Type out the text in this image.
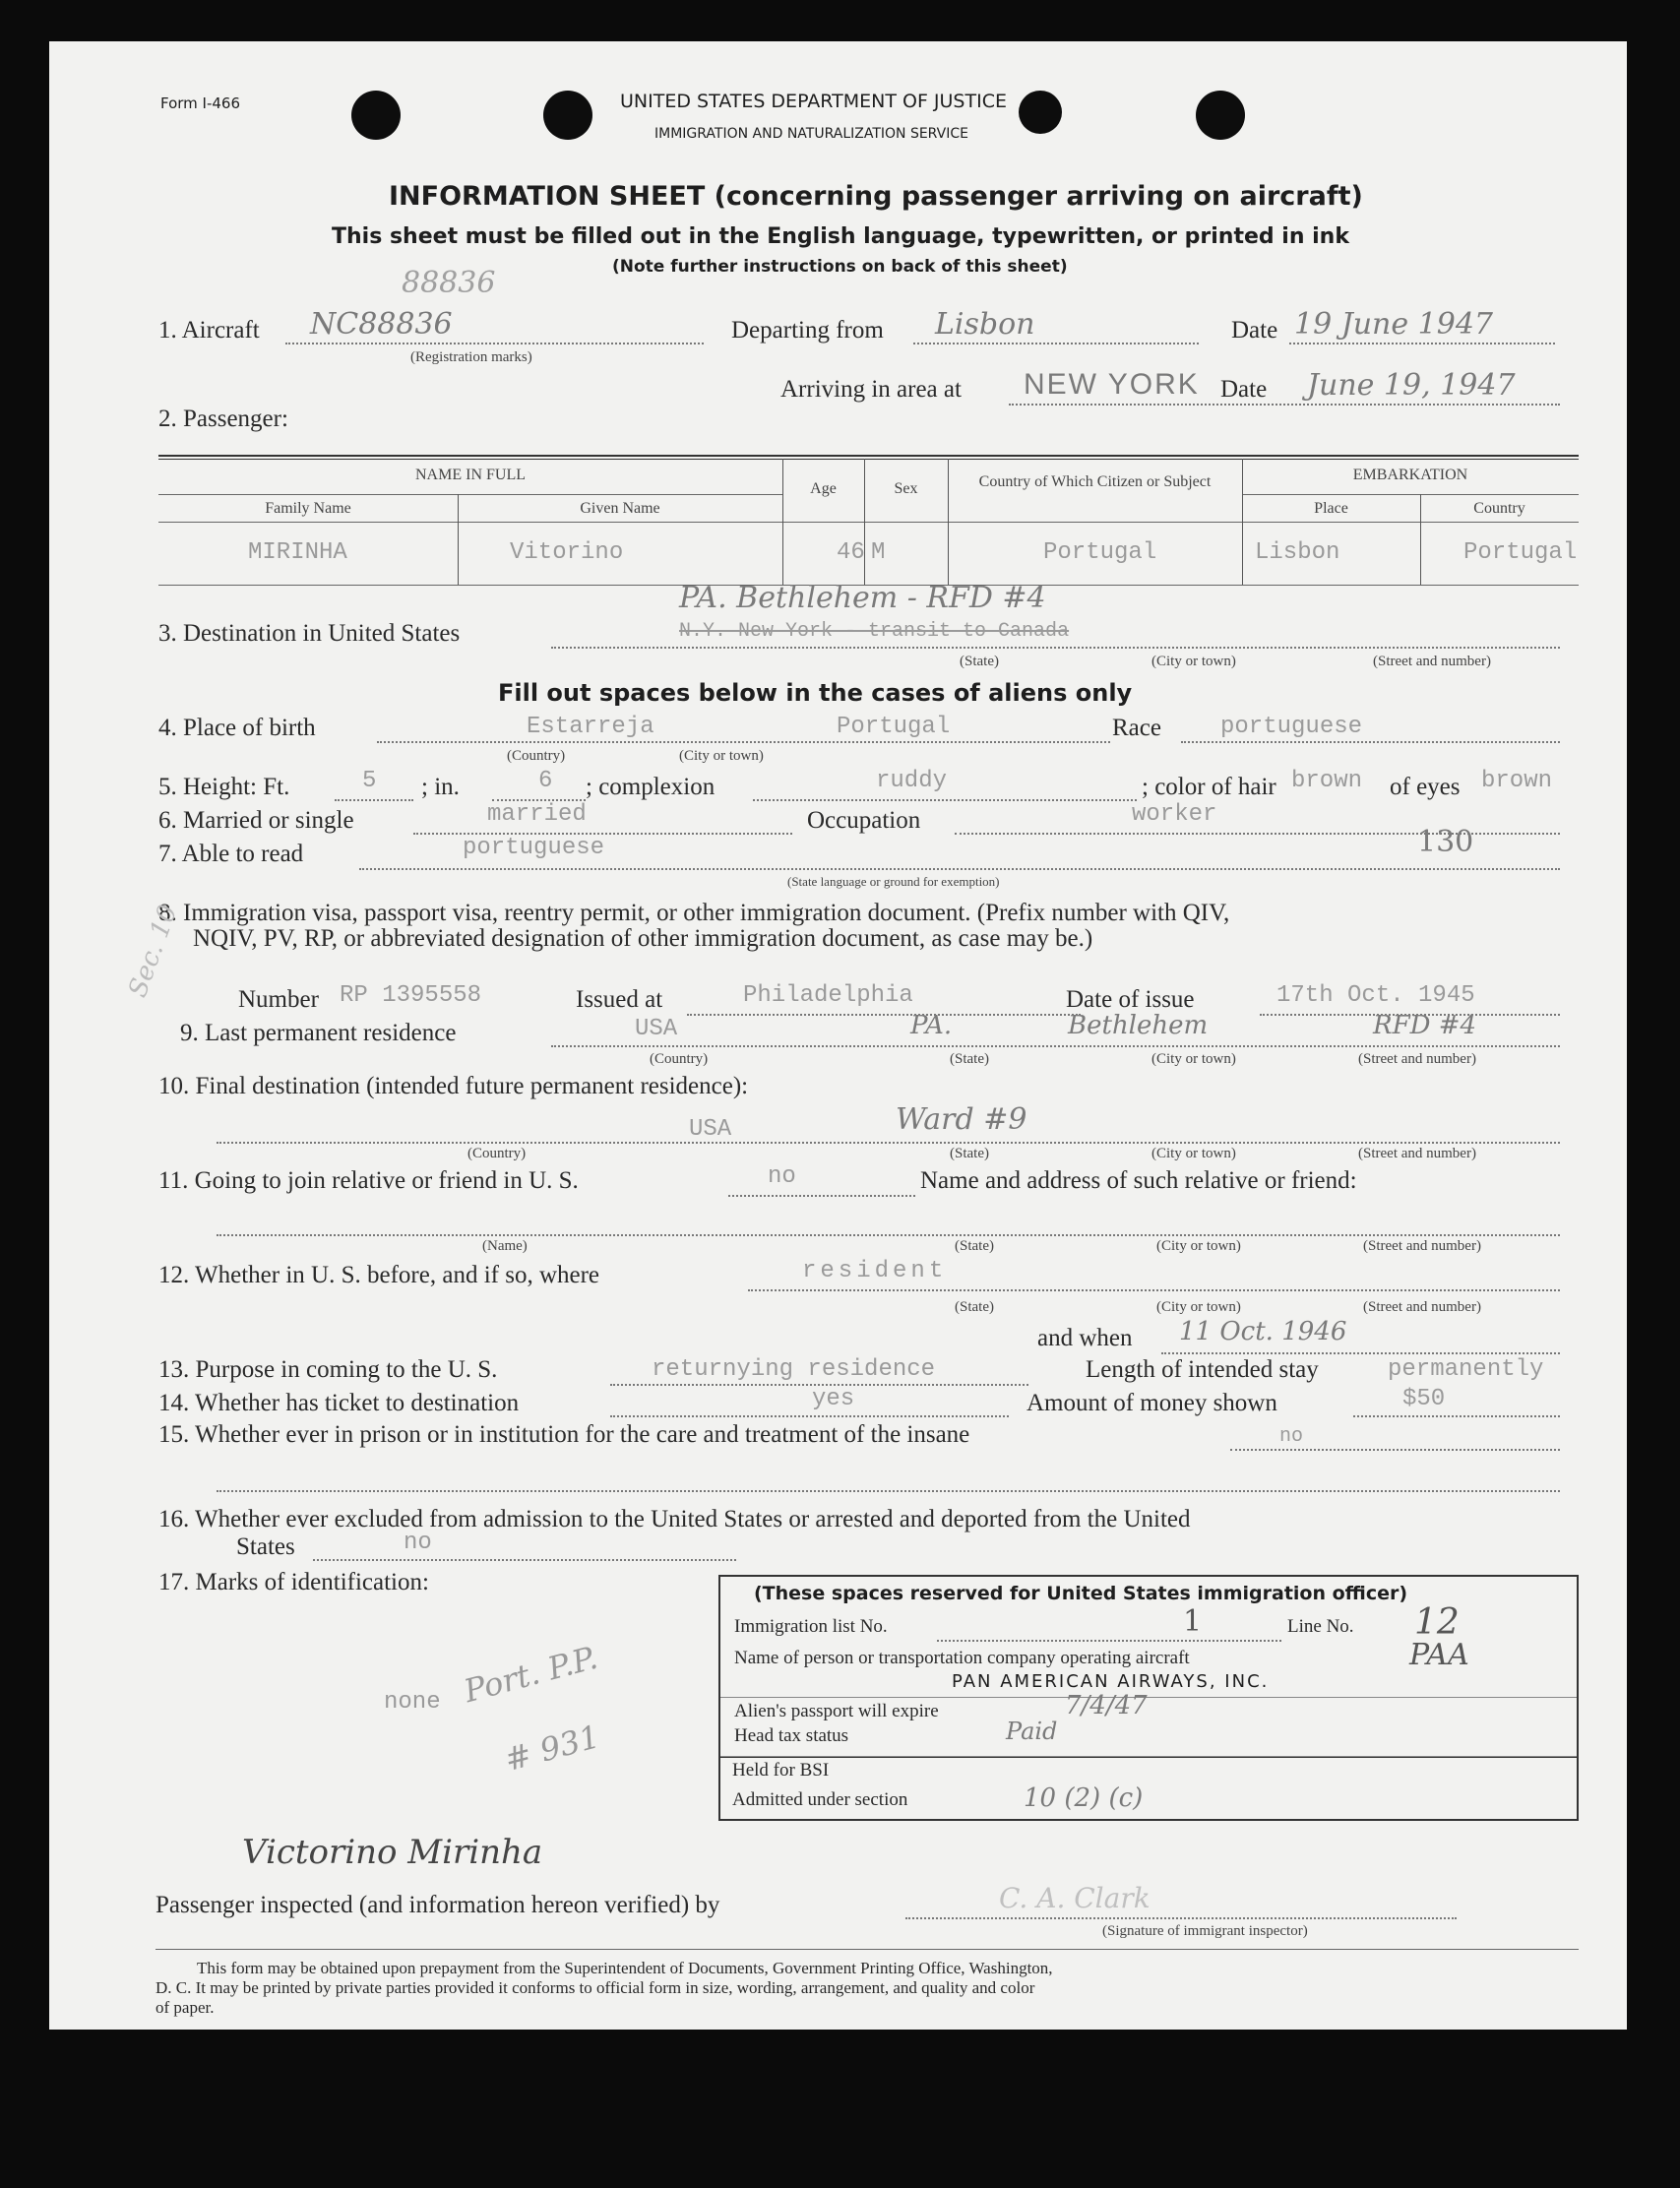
Form I-466	UNITED STATES DEPARTMENT OF JUSTICE
IMMIGRATION AND NATURALIZATION SERVICE
INFORMATION SHEET (concerning passenger arriving on aircraft)
This sheet must be filled out in the English language, typewritten, or printed in ink
(Note further instructions on back of this sheet)
88836
1. Aircraft NC88836
(Registration marks)
Departing from Lisbon	Date 19 June 1947
Arriving in area at NEW YORK Date June 19, 1947
2. Passenger:
NAME IN FULL
Family Name	Given Name
Age	Sex	Country of Which Citizen or Subject	EMBARKATION
Place	Country
MIRINHA	Vitorino	46 M	Portugal	Lisbon	Portugal
PA. Bethlehem - RFD #4
3. Destination in United States	N.Y. New York - transit to Canada
(State)	(City or town)	(Street and number)
Fill out spaces below in the cases of aliens only
4. Place of birth	Estarreja	Portugal
(Country)	(City or town)
Race	portuguese
5. Height: Ft.	5 ; in.	6 ; complexion	ruddy	; color of hair brown of eyes brown
6. Married or single	married	Occupation	worker
7. Able to read	portuguese	130
(State language or ground for exemption)
8. Immigration visa, passport visa, reentry permit, or other immigration document. (Prefix number with QIV,
NQIV, PV, RP, or abbreviated designation of other immigration document, as case may be.)
Sec. 10 Number RP 1395558	Issued at	Philadelphia	Date of issue	17th Oct. 1945
9. Last permanent residence	USA	PA.	Bethlehem	RFD #4
(Country)	(State)	(City or town)	(Street and number)
10. Final destination (intended future permanent residence):
USA	Ward #9
(Country)	(State)	(City or town)	(Street and number)
11. Going to join relative or friend in U. S.	no	Name and address of such relative or friend:
(Name)	(State)	(City or town)	(Street and number)
12. Whether in U. S. before, and if so, where	resident
(State)	(City or town)	(Street and number)
and when 11 Oct. 1946
13. Purpose in coming to the U. S.	returnying residence	Length of intended stay	permanently
14. Whether has ticket to destination	yes	Amount of money shown	$50
15. Whether ever in prison or in institution for the care and treatment of the insane	no
16. Whether ever excluded from admission to the United States or arrested and deported from the United
States	no
17. Marks of identification:
none Port. P.P.
# 931
(These spaces reserved for United States immigration officer)
Immigration list No.	1	Line No. 12
Name of person or transportation company operating aircraft	PAA
PAN AMERICAN AIRWAYS, INC.
Alien's passport will expire	7/4/47
Head tax status	Paid
Held for BSI
Admitted under section	10 (2) (c)
Victorino Mirinha
Passenger inspected (and information hereon verified) by	C. A. Clark
(Signature of immigrant inspector)
This form may be obtained upon prepayment from the Superintendent of Documents, Government Printing Office, Washington,
D. C. It may be printed by private parties provided it conforms to official form in size, wording, arrangement, and quality and color
of paper.
